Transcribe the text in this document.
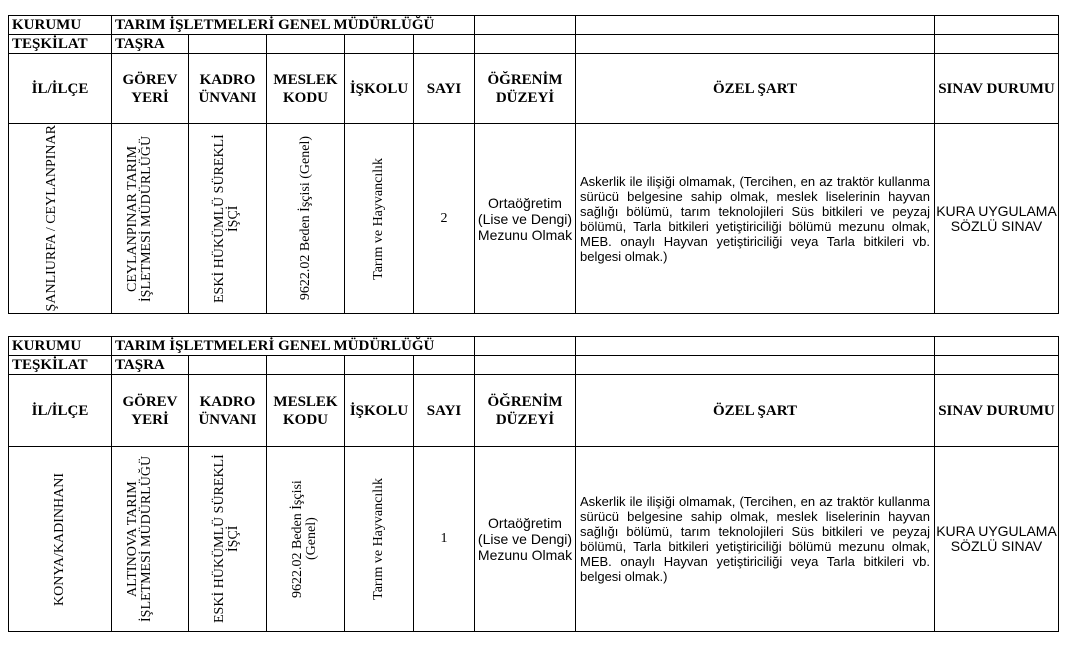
KURUMU	TARIM İŞLETMELERİ GENEL MÜDÜRLÜĞÜ							
TEŞKİLAT	TAŞRA							
İL/İLÇE	GÖREV YERİ	KADRO ÜNVANI	MESLEK KODU	İŞKOLU	SAYI	ÖĞRENİM DÜZEYİ	ÖZEL ŞART	SINAV DURUMU

ŞANLIURFA / CEYLANPINAR	CEYLANPINAR TARIM İŞLETMESİ MÜDÜRLÜĞÜ	ESKİ HÜKÜMLÜ SÜREKLİ İŞÇİ	9622.02 Beden İşçisi (Genel)	Tarım ve Hayvancılık	2	Ortaöğretim (Lise ve Dengi) Mezunu Olmak	Askerlik ile ilişiği olmamak, (Tercihen, en az traktör kullanma sürücü belgesine sahip olmak, meslek liselerinin hayvan sağlığı bölümü, tarım teknolojileri Süs bitkileri ve peyzaj bölümü, Tarla bitkileri yetiştiriciliği bölümü mezunu olmak, MEB. onaylı Hayvan yetiştiriciliği veya Tarla bitkileri vb. belgesi olmak.)	KURA UYGULAMA SÖZLÜ SINAV
KURUMU	TARIM İŞLETMELERİ GENEL MÜDÜRLÜĞÜ							
TEŞKİLAT	TAŞRA							
İL/İLÇE	GÖREV YERİ	KADRO ÜNVANI	MESLEK KODU	İŞKOLU	SAYI	ÖĞRENİM DÜZEYİ	ÖZEL ŞART	SINAV DURUMU

KONYA/KADINHANI	ALTINOVA TARIM İŞLETMESİ MÜDÜRLÜĞÜ	ESKİ HÜKÜMLÜ SÜREKLİ İŞÇİ	9622.02 Beden İşçisi (Genel)	Tarım ve Hayvancılık	1	Ortaöğretim (Lise ve Dengi) Mezunu Olmak	Askerlik ile ilişiği olmamak, (Tercihen, en az traktör kullanma sürücü belgesine sahip olmak, meslek liselerinin hayvan sağlığı bölümü, tarım teknolojileri Süs bitkileri ve peyzaj bölümü, Tarla bitkileri yetiştiriciliği bölümü mezunu olmak, MEB. onaylı Hayvan yetiştiriciliği veya Tarla bitkileri vb. belgesi olmak.)	KURA UYGULAMA SÖZLÜ SINAV
